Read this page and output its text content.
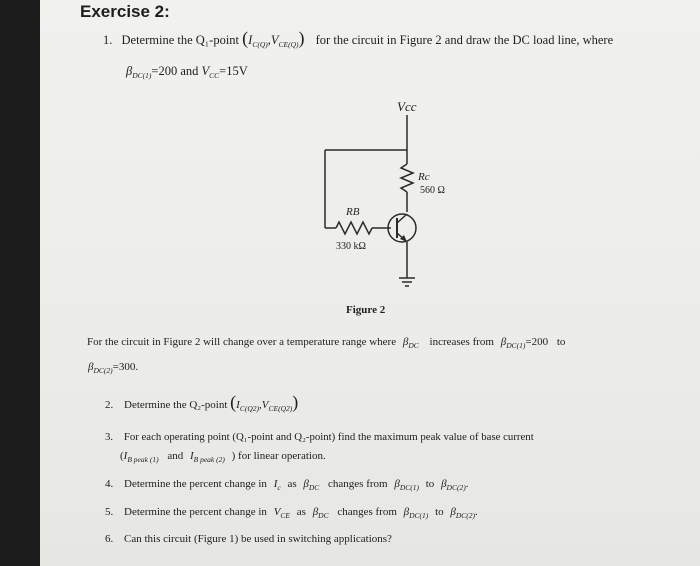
Exercise 2:
1. Determine the Q₁-point $(I_{C(Q)},V_{CE(Q)})$ for the circuit in Figure 2 and draw the DC load line, where
$\beta_{DC(1)}=200$ and $V_{CC}=15V$
Vcc
Rc
560 Ω
RB
330 kΩ
Figure 2
For the circuit in Figure 2 will change over a temperature range where $\beta_{DC}$ increases from $\beta_{DC(1)}=200$ to
$\beta_{DC(2)}=300$.
2. Determine the Q₂-point $(I_{C(Q2)},V_{CE(Q2)})$
3. For each operating point (Q₁-point and Q₂-point) find the maximum peak value of base current
($I_{B peak (1)}$ and $I_{B peak (2)}$ ) for linear operation.
4. Determine the percent change in $I_c$ as $\beta_{DC}$ changes from $\beta_{DC(1)}$ to $\beta_{DC(2)}$.
5. Determine the percent change in $V_{CE}$ as $\beta_{DC}$ changes from $\beta_{DC(1)}$ to $\beta_{DC(2)}$.
6. Can this circuit (Figure 1) be used in switching applications?
